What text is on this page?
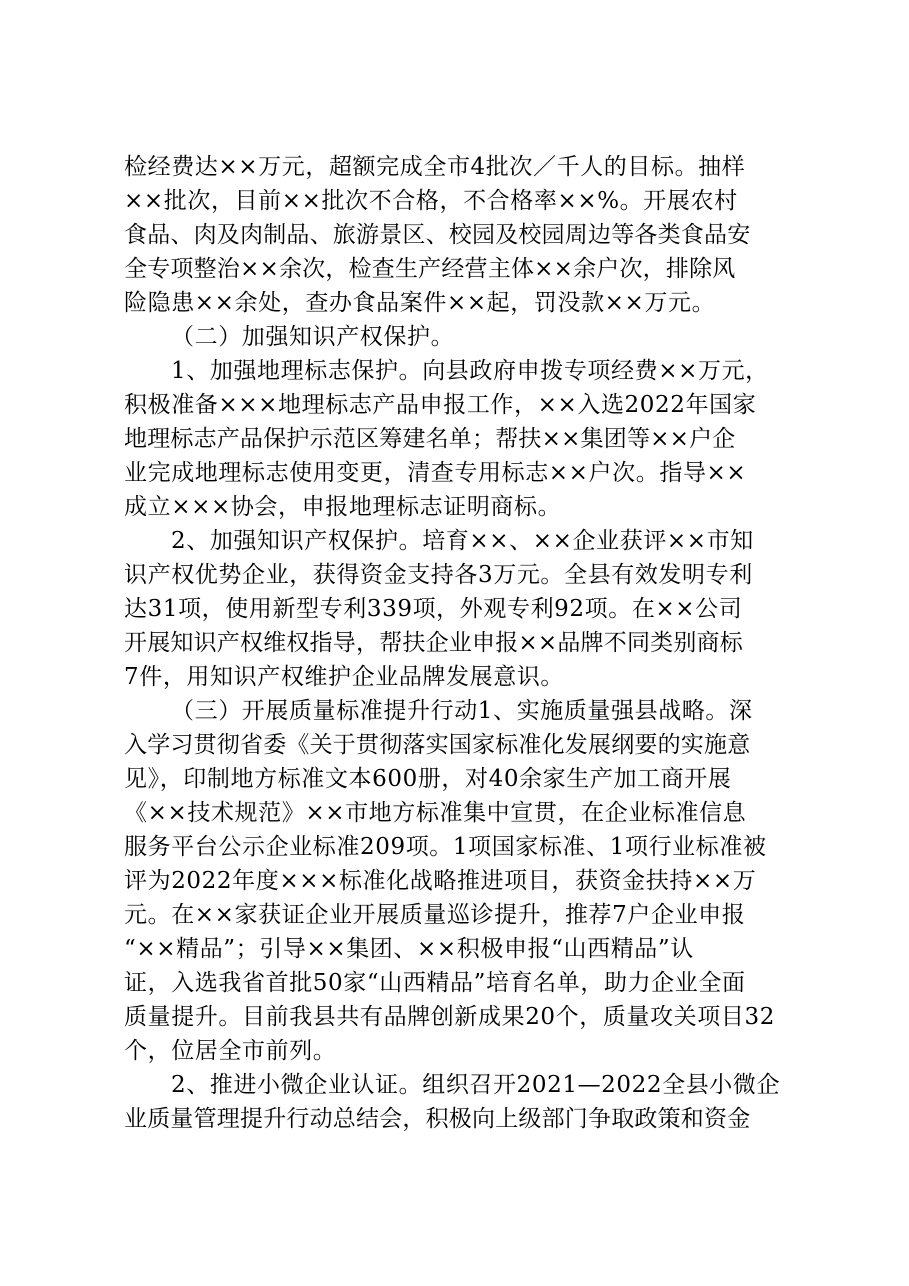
检经费达××万元，超额完成全市4批次／千人的目标。抽样
××批次，目前××批次不合格，不合格率××%。开展农村
食品、肉及肉制品、旅游景区、校园及校园周边等各类食品安
全专项整治××余次，检查生产经营主体××余户次，排除风
险隐患××余处，查办食品案件××起，罚没款××万元。
（二）加强知识产权保护。
1、加强地理标志保护。向县政府申拨专项经费××万元，
积极准备×××地理标志产品申报工作，××入选2022年国家
地理标志产品保护示范区筹建名单；帮扶××集团等××户企
业完成地理标志使用变更，清查专用标志××户次。指导××
成立×××协会，申报地理标志证明商标。
2、加强知识产权保护。培育××、××企业获评××市知
识产权优势企业，获得资金支持各3万元。全县有效发明专利
达31项，使用新型专利339项，外观专利92项。在××公司
开展知识产权维权指导，帮扶企业申报××品牌不同类别商标
7件，用知识产权维护企业品牌发展意识。
（三）开展质量标准提升行动1、实施质量强县战略。深
入学习贯彻省委《关于贯彻落实国家标准化发展纲要的实施意
见》，印制地方标准文本600册，对40余家生产加工商开展
《××技术规范》××市地方标准集中宣贯，在企业标准信息
服务平台公示企业标准209项。1项国家标准、1项行业标准被
评为2022年度×××标准化战略推进项目，获资金扶持××万
元。在××家获证企业开展质量巡诊提升，推荐7户企业申报
“××精品”；引导××集团、××积极申报“山西精品”认
证，入选我省首批50家“山西精品”培育名单，助力企业全面
质量提升。目前我县共有品牌创新成果20个，质量攻关项目32
个，位居全市前列。
2、推进小微企业认证。组织召开2021—2022全县小微企
业质量管理提升行动总结会，积极向上级部门争取政策和资金
